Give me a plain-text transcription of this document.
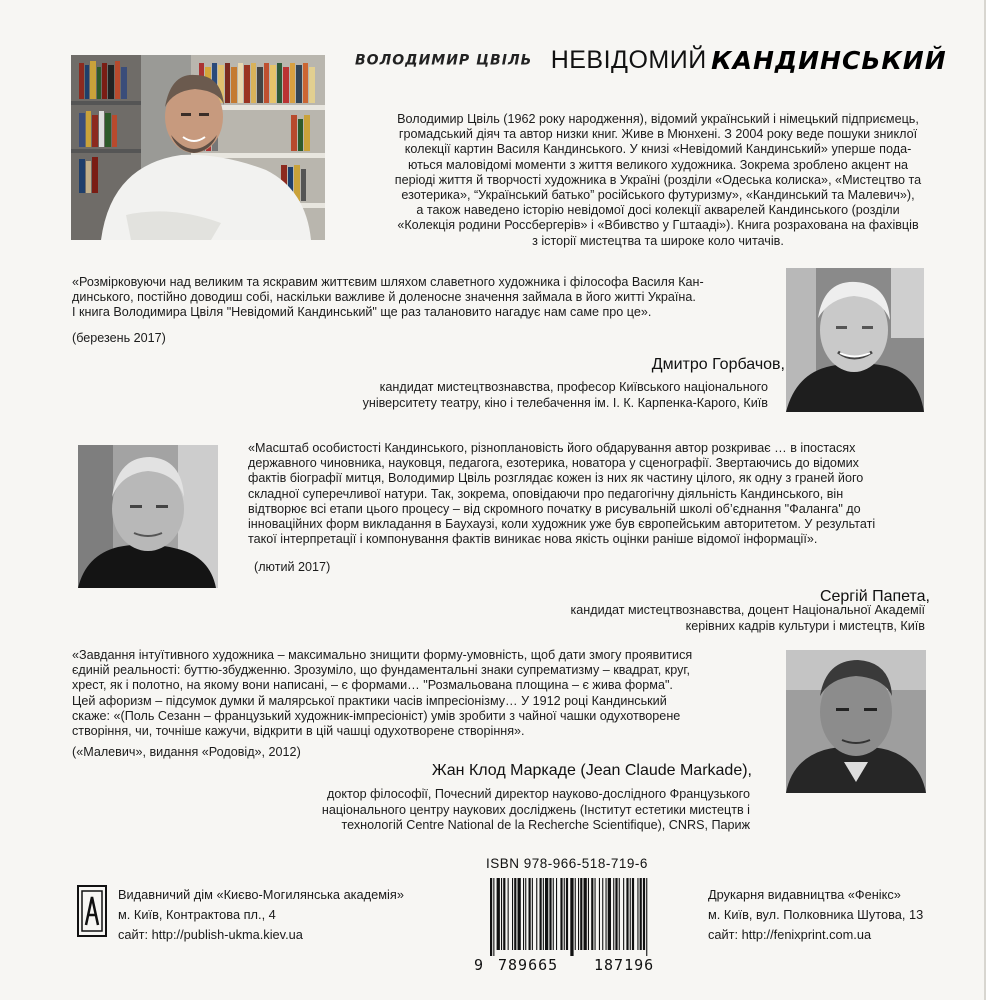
ВОЛОДИМИР ЦВІЛЬ НЕВІДОМИЙ КАНДИНСЬКИЙ
Володимир Цвіль (1962 року народження), відомий український і німецький підприємець,
громадський діяч та автор низки книг. Живе в Мюнхені. З 2004 року веде пошуки зниклої
колекції картин Василя Кандинського. У книзі «Невідомий Кандинський» уперше пода-
ються маловідомі моменти з життя великого художника. Зокрема зроблено акцент на
періоді життя й творчості художника в Україні (розділи «Одеська колиска», «Мистецтво та
езотерика», “Український батько” російського футуризму», «Кандинський та Малевич»),
а також наведено історію невідомої досі колекції акварелей Кандинського (розділи
«Колекція родини Россбергерів» і «Вбивство у Гштааді»). Книга розрахована на фахівців
з історії мистецтва та широке коло читачів.
«Розмірковуючи над великим та яскравим життєвим шляхом славетного художника і філософа Василя Кан-
динського, постійно доводиш собі, наскільки важливе й доленосне значення займала в його житті Україна.
І книга Володимира Цвіля "Невідомий Кандинський" ще раз талановито нагадує нам саме про це».
(березень 2017)
Дмитро Горбачов,
кандидат мистецтвознавства, професор Київського національного
університету театру, кіно і телебачення ім. І. К. Карпенка-Карого, Київ
«Масштаб особистості Кандинського, різноплановість його обдарування автор розкриває … в іпостасях
державного чиновника, науковця, педагога, езотерика, новатора у сценографії. Звертаючись до відомих
фактів біографії митця, Володимир Цвіль розглядає кожен із них як частину цілого, як одну з граней його
складної суперечливої натури. Так, зокрема, оповідаючи про педагогічну діяльність Кандинського, він
відтворює всі етапи цього процесу – від скромного початку в рисувальній школі об’єднання "Фаланга" до
інноваційних форм викладання в Баухаузі, коли художник уже був європейським авторитетом. У результаті
такої інтерпретації і компонування фактів виникає нова якість оцінки раніше відомої інформації».
(лютий 2017)
Сергій Папета,
кандидат мистецтвознавства, доцент Національної Академії
керівних кадрів культури і мистецтв, Київ
«Завдання інтуїтивного художника – максимально знищити форму-умовність, щоб дати змогу проявитися
єдиній реальності: буттю-збудженню. Зрозуміло, що фундаментальні знаки супрематизму – квадрат, круг,
хрест, як і полотно, на якому вони написані, – є формами… "Розмальована площина – є жива форма".
Цей афоризм – підсумок думки й малярської практики часів імпресіонізму… У 1912 році Кандинський
скаже: «(Поль Сезанн – французький художник-імпресіоніст) умів зробити з чайної чашки одухотворене
створіння, чи, точніше кажучи, відкрити в цій чашці одухотворене створіння».
(«Малевич», видання «Родовід», 2012)
Жан Клод Маркаде (Jean Claude Markade),
доктор філософії, Почесний директор науково-дослідного Французького
національного центру наукових досліджень (Інститут естетики мистецтв і
технологій Centre National de la Recherche Scientifique), CNRS, Париж
Видавничий дім «Києво-Могилянська академія»
м. Київ, Контрактова пл., 4
сайт: http://publish-ukma.kiev.ua
ISBN 978-966-518-719-6
9 789665 187196
Друкарня видавництва «Фенікс»
м. Київ, вул. Полковника Шутова, 13
сайт: http://fenixprint.com.ua
